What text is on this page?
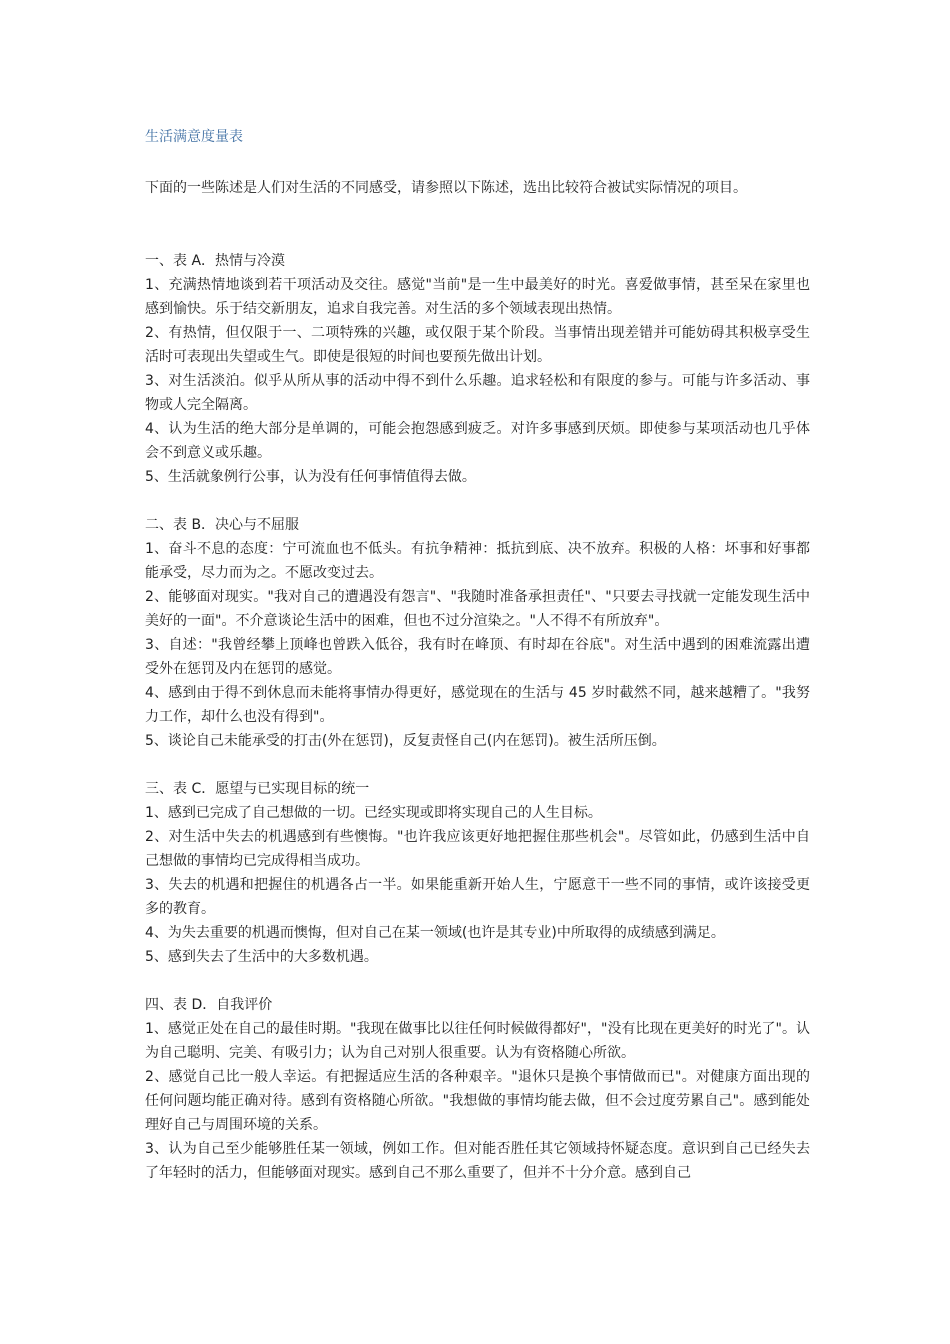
生活满意度量表
下面的一些陈述是人们对生活的不同感受，请参照以下陈述，选出比较符合被试实际情况的项目。
一、表 A．热情与冷漠

1、充满热情地谈到若干项活动及交往。感觉"当前"是一生中最美好的时光。喜爱做事情，甚至呆在家里也感到愉快。乐于结交新朋友，追求自我完善。对生活的多个领域表现出热情。

2、有热情，但仅限于一、二项特殊的兴趣，或仅限于某个阶段。当事情出现差错并可能妨碍其积极享受生活时可表现出失望或生气。即使是很短的时间也要预先做出计划。

3、对生活淡泊。似乎从所从事的活动中得不到什么乐趣。追求轻松和有限度的参与。可能与许多活动、事物或人完全隔离。

4、认为生活的绝大部分是单调的，可能会抱怨感到疲乏。对许多事感到厌烦。即使参与某项活动也几乎体会不到意义或乐趣。

5、生活就象例行公事，认为没有任何事情值得去做。

二、表 B．决心与不屈服

1、奋斗不息的态度：宁可流血也不低头。有抗争精神：抵抗到底、决不放弃。积极的人格：坏事和好事都能承受，尽力而为之。不愿改变过去。

2、能够面对现实。"我对自己的遭遇没有怨言"、"我随时准备承担责任"、"只要去寻找就一定能发现生活中美好的一面"。不介意谈论生活中的困难，但也不过分渲染之。"人不得不有所放弃"。

3、自述："我曾经攀上顶峰也曾跌入低谷，我有时在峰顶、有时却在谷底"。对生活中遇到的困难流露出遭受外在惩罚及内在惩罚的感觉。

4、感到由于得不到休息而未能将事情办得更好，感觉现在的生活与 45 岁时截然不同，越来越糟了。"我努力工作，却什么也没有得到"。

5、谈论自己未能承受的打击(外在惩罚)，反复责怪自己(内在惩罚)。被生活所压倒。

三、表 C．愿望与已实现目标的统一

1、感到已完成了自己想做的一切。已经实现或即将实现自己的人生目标。

2、对生活中失去的机遇感到有些懊悔。"也许我应该更好地把握住那些机会"。尽管如此，仍感到生活中自己想做的事情均已完成得相当成功。

3、失去的机遇和把握住的机遇各占一半。如果能重新开始人生，宁愿意干一些不同的事情，或许该接受更多的教育。

4、为失去重要的机遇而懊悔，但对自己在某一领域(也许是其专业)中所取得的成绩感到满足。

5、感到失去了生活中的大多数机遇。

四、表 D．自我评价

1、感觉正处在自己的最佳时期。"我现在做事比以往任何时候做得都好"，"没有比现在更美好的时光了"。认为自己聪明、完美、有吸引力；认为自己对别人很重要。认为有资格随心所欲。

2、感觉自己比一般人幸运。有把握适应生活的各种艰辛。"退休只是换个事情做而已"。对健康方面出现的任何问题均能正确对待。感到有资格随心所欲。"我想做的事情均能去做，但不会过度劳累自己"。感到能处理好自己与周围环境的关系。

3、认为自己至少能够胜任某一领域，例如工作。但对能否胜任其它领域持怀疑态度。意识到自己已经失去了年轻时的活力，但能够面对现实。感到自己不那么重要了，但并不十分介意。感到自己
